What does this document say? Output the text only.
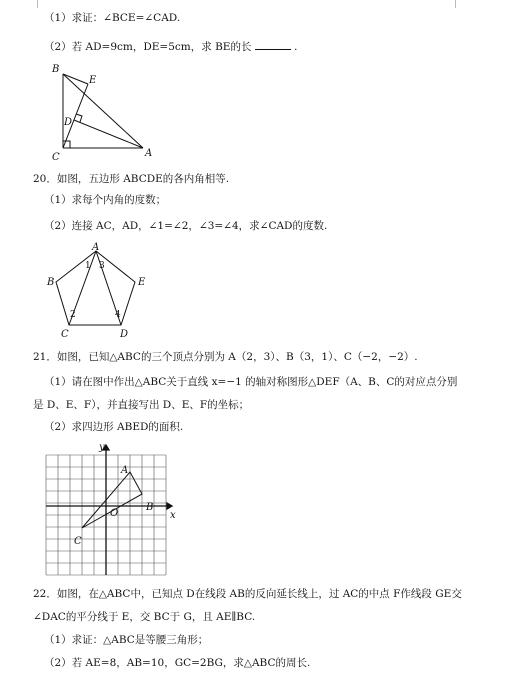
（1）求证：∠BCE=∠CAD.
（2）若 AD=9cm，DE=5cm，求 BE的长	.
B
E
D
C	A
20．如图，五边形 ABCDE的各内角相等.
（1）求每个内角的度数；
（2）连接 AC，AD，∠1=∠2，∠3=∠4，求∠CAD的度数.
A
B	E
C	D
1 3
2	4
21．如图，已知△ABC的三个顶点分别为 A（2，3）、B（3，1）、C（−2，−2）.
（1）请在图中作出△ABC关于直线 x=−1 的轴对称图形△DEF（A、B、C的对应点分别
是 D、E、F），并直接写出 D、E、F的坐标；
（2）求四边形 ABED的面积.
y
x
O
A
B
C
22．如图，在△ABC中，已知点 D在线段 AB的反向延长线上，过 AC的中点 F作线段 GE交
∠DAC的平分线于 E，交 BC于 G，且 AE∥BC.
（1）求证：△ABC是等腰三角形；
（2）若 AE=8，AB=10，GC=2BG，求△ABC的周长.
